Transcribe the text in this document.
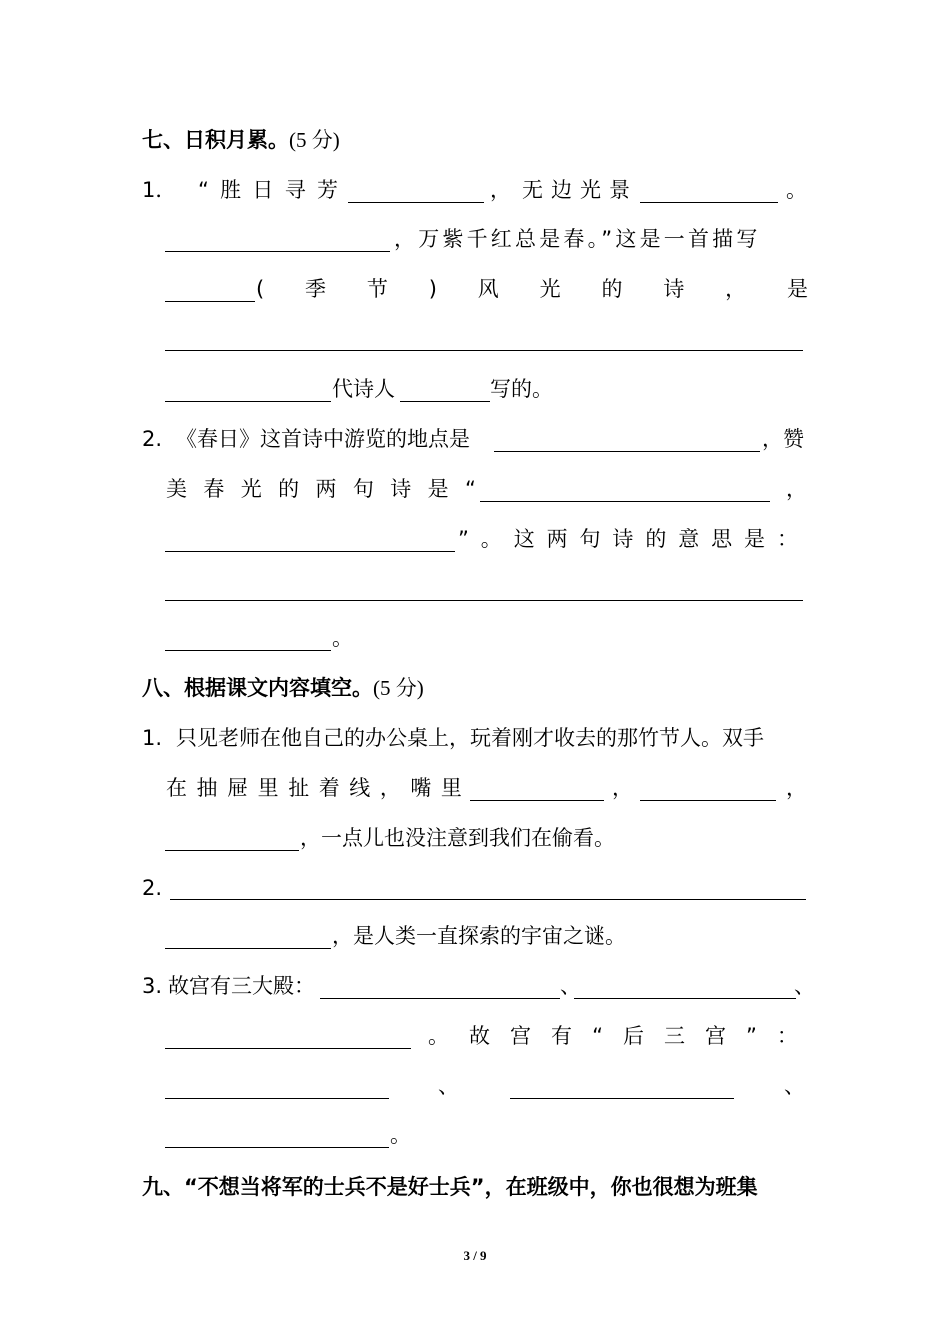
七、日积月累。 (5 分)
1． “ 胜 日 寻 芳	， 无 边 光 景	。
，万紫千红总是春。”这是一首描写
( 季 节 ) 风 光 的 诗 ， 是
代诗人	写的。
2. 《春日》这首诗中游览的地点是	，赞
美 春 光 的 两 句 诗 是 “	，
” 。 这 两 句 诗 的 意 思 是 ：
。
八、根据课文内容填空。 (5 分)
1. 只见老师在他自己的办公桌上，玩着刚才收去的那竹节人。双手
在 抽 屉 里 扯 着 线 ， 嘴 里	，	，
，一点儿也没注意到我们在偷看。
2.
，是人类一直探索的宇宙之谜。
3. 故宫有三大殿：	、	、
。 故 宫 有 “ 后 三 宫 ” ：
、	、
。
九、“不想当将军的士兵不是好士兵”，在班级中，你也很想为班集
3 / 9
